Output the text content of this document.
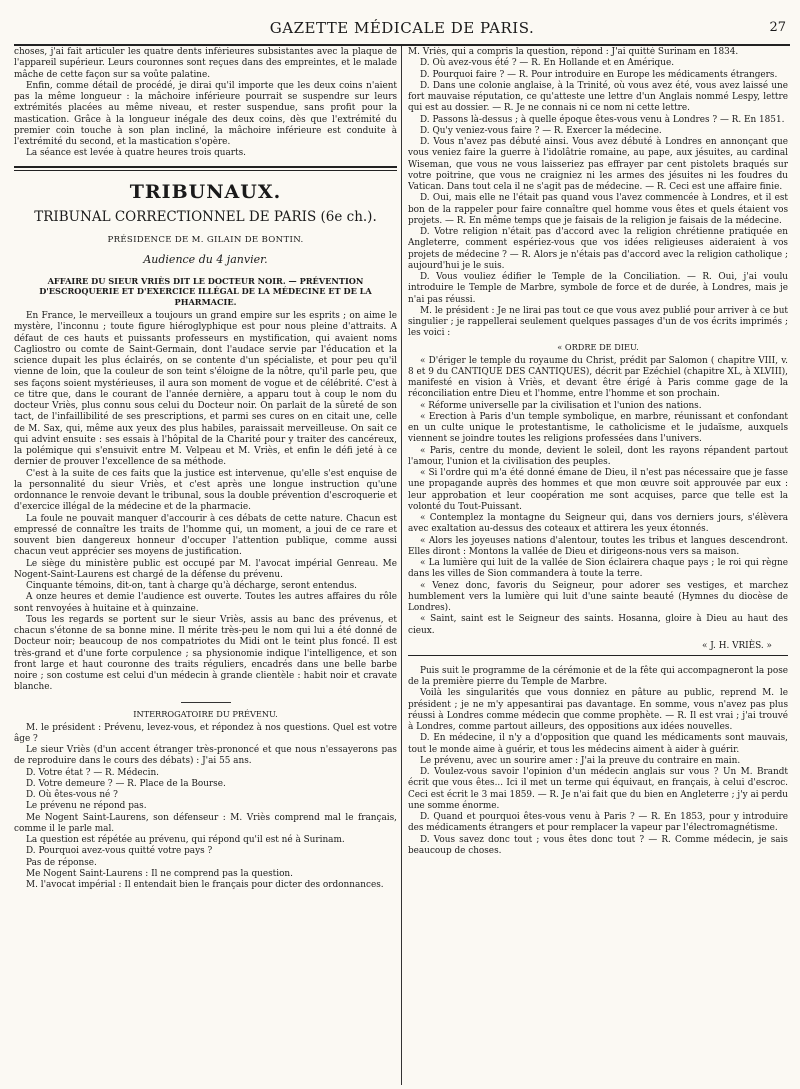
GAZETTE MÉDICALE DE PARIS.	27

choses, j'ai fait articuler les quatre dents inférieures subsistantes avec la plaque de l'appareil supérieur. Leurs couronnes sont reçues dans des empreintes, et le malade mâche de cette façon sur sa voûte palatine.

Enfin, comme détail de procédé, je dirai qu'il importe que les deux coins n'aient pas la même longueur : la mâchoire inférieure pourrait se suspendre sur leurs extrémités placées au même niveau, et rester suspendue, sans profit pour la mastication. Grâce à la longueur inégale des deux coins, dès que l'extrémité du premier coin touche à son plan incliné, la mâchoire inférieure est conduite à l'extrémité du second, et la mastication s'opère.

La séance est levée à quatre heures trois quarts.

TRIBUNAUX.
TRIBUNAL CORRECTIONNEL DE PARIS (6e ch.).
PRÉSIDENCE DE M. GILAIN DE BONTIN.
Audience du 4 janvier.
AFFAIRE DU SIEUR VRIÈS DIT LE DOCTEUR NOIR. — PRÉVENTION D'ESCROQUERIE ET D'EXERCICE ILLÉGAL DE LA MÉDECINE ET DE LA PHARMACIE.

En France, le merveilleux a toujours un grand empire sur les esprits ; on aime le mystère, l'inconnu ; toute figure hiéroglyphique est pour nous pleine d'attraits. A défaut de ces hauts et puissants professeurs en mystification, qui avaient noms Cagliostro ou comte de Saint-Germain, dont l'audace servie par l'éducation et la science dupait les plus éclairés, on se contente d'un spécialiste, et pour peu qu'il vienne de loin, que la couleur de son teint s'éloigne de la nôtre, qu'il parle peu, que ses façons soient mystérieuses, il aura son moment de vogue et de célébrité. C'est à ce titre que, dans le courant de l'année dernière, a apparu tout à coup le nom du docteur Vriès, plus connu sous celui du Docteur noir. On parlait de la sûreté de son tact, de l'infaillibilité de ses prescriptions, et parmi ses cures on en citait une, celle de M. Sax, qui, même aux yeux des plus habiles, paraissait merveilleuse. On sait ce qui advint ensuite : ses essais à l'hôpital de la Charité pour y traiter des cancéreux, la polémique qui s'ensuivit entre M. Velpeau et M. Vriès, et enfin le défi jeté à ce dernier de prouver l'excellence de sa méthode.

C'est à la suite de ces faits que la justice est intervenue, qu'elle s'est enquise de la personnalité du sieur Vriès, et c'est après une longue instruction qu'une ordonnance le renvoie devant le tribunal, sous la double prévention d'escroquerie et d'exercice illégal de la médecine et de la pharmacie.

La foule ne pouvait manquer d'accourir à ces débats de cette nature. Chacun est empressé de connaître les traits de l'homme qui, un moment, a joui de ce rare et souvent bien dangereux honneur d'occuper l'attention publique, comme aussi chacun veut apprécier ses moyens de justification.

Le siège du ministère public est occupé par M. l'avocat impérial Genreau. Me Nogent-Saint-Laurens est chargé de la défense du prévenu.

Cinquante témoins, dit-on, tant à charge qu'à décharge, seront entendus.

A onze heures et demie l'audience est ouverte. Toutes les autres affaires du rôle sont renvoyées à huitaine et à quinzaine.

Tous les regards se portent sur le sieur Vriès, assis au banc des prévenus, et chacun s'étonne de sa bonne mine. Il mérite très-peu le nom qui lui a été donné de Docteur noir; beaucoup de nos compatriotes du Midi ont le teint plus foncé. Il est très-grand et d'une forte corpulence ; sa physionomie indique l'intelligence, et son front large et haut couronne des traits réguliers, encadrés dans une belle barbe noire ; son costume est celui d'un médecin à grande clientèle : habit noir et cravate blanche.

INTERROGATOIRE DU PRÉVENU.

M. le président : Prévenu, levez-vous, et répondez à nos questions. Quel est votre âge ?

Le sieur Vriès (d'un accent étranger très-prononcé et que nous n'essayerons pas de reproduire dans le cours des débats) : J'ai 55 ans.

D. Votre état ? — R. Médecin.

D. Votre demeure ? — R. Place de la Bourse.

D. Où êtes-vous né ?

Le prévenu ne répond pas.

Me Nogent Saint-Laurens, son défenseur : M. Vriès comprend mal le français, comme il le parle mal.

La question est répétée au prévenu, qui répond qu'il est né à Surinam.

D. Pourquoi avez-vous quitté votre pays ?

Pas de réponse.

Me Nogent Saint-Laurens : Il ne comprend pas la question.

M. l'avocat impérial : Il entendait bien le français pour dicter des ordonnances.

M. Vriès, qui a compris la question, répond : J'ai quitté Surinam en 1834.

D. Où avez-vous été ? — R. En Hollande et en Amérique.

D. Pourquoi faire ? — R. Pour introduire en Europe les médicaments étrangers.

D. Dans une colonie anglaise, à la Trinité, où vous avez été, vous avez laissé une fort mauvaise réputation, ce qu'atteste une lettre d'un Anglais nommé Lespy, lettre qui est au dossier. — R. Je ne connais ni ce nom ni cette lettre.

D. Passons là-dessus ; à quelle époque êtes-vous venu à Londres ? — R. En 1851.

D. Qu'y veniez-vous faire ? — R. Exercer la médecine.

D. Vous n'avez pas débuté ainsi. Vous avez débuté à Londres en annonçant que vous veniez faire la guerre à l'idolâtrie romaine, au pape, aux jésuites, au cardinal Wiseman, que vous ne vous laisseriez pas effrayer par cent pistolets braqués sur votre poitrine, que vous ne craigniez ni les armes des jésuites ni les foudres du Vatican. Dans tout cela il ne s'agit pas de médecine. — R. Ceci est une affaire finie.

D. Oui, mais elle ne l'était pas quand vous l'avez commencée à Londres, et il est bon de la rappeler pour faire connaître quel homme vous êtes et quels étaient vos projets. — R. En même temps que je faisais de la religion je faisais de la médecine.

D. Votre religion n'était pas d'accord avec la religion chrétienne pratiquée en Angleterre, comment espériez-vous que vos idées religieuses aideraient à vos projets de médecine ? — R. Alors je n'étais pas d'accord avec la religion catholique ; aujourd'hui je le suis.

D. Vous vouliez édifier le Temple de la Conciliation. — R. Oui, j'ai voulu introduire le Temple de Marbre, symbole de force et de durée, à Londres, mais je n'ai pas réussi.

M. le président : Je ne lirai pas tout ce que vous avez publié pour arriver à ce but singulier ; je rappellerai seulement quelques passages d'un de vos écrits imprimés ; les voici :

« ORDRE DE DIEU.

« D'ériger le temple du royaume du Christ, prédit par Salomon ( chapitre VIII, v. 8 et 9 du CANTIQUE DES CANTIQUES), décrit par Ezéchiel (chapitre XL, à XLVIII), manifesté en vision à Vriès, et devant être érigé à Paris comme gage de la réconciliation entre Dieu et l'homme, entre l'homme et son prochain.

« Réforme universelle par la civilisation et l'union des nations.

« Erection à Paris d'un temple symbolique, en marbre, réunissant et confondant en un culte unique le protestantisme, le catholicisme et le judaïsme, auxquels viennent se joindre toutes les religions professées dans l'univers.

« Paris, centre du monde, devient le soleil, dont les rayons répandent partout l'amour, l'union et la civilisation des peuples.

« Si l'ordre qui m'a été donné émane de Dieu, il n'est pas nécessaire que je fasse une propagande auprès des hommes et que mon œuvre soit approuvée par eux : leur approbation et leur coopération me sont acquises, parce que telle est la volonté du Tout-Puissant.

« Contemplez la montagne du Seigneur qui, dans vos derniers jours, s'élèvera avec exaltation au-dessus des coteaux et attirera les yeux étonnés.

« Alors les joyeuses nations d'alentour, toutes les tribus et langues descendront. Elles diront : Montons la vallée de Dieu et dirigeons-nous vers sa maison.

« La lumière qui luit de la vallée de Sion éclairera chaque pays ; le roi qui règne dans les villes de Sion commandera à toute la terre.

« Venez donc, favoris du Seigneur, pour adorer ses vestiges, et marchez humblement vers la lumière qui luit d'une sainte beauté (Hymnes du diocèse de Londres).

« Saint, saint est le Seigneur des saints. Hosanna, gloire à Dieu au haut des cieux.

« J. H. VRIÈS. »

Puis suit le programme de la cérémonie et de la fête qui accompagneront la pose de la première pierre du Temple de Marbre.

Voilà les singularités que vous donniez en pâture au public, reprend M. le président ; je ne m'y appesantirai pas davantage. En somme, vous n'avez pas plus réussi à Londres comme médecin que comme prophète. — R. Il est vrai ; j'ai trouvé à Londres, comme partout ailleurs, des oppositions aux idées nouvelles.

D. En médecine, il n'y a d'opposition que quand les médicaments sont mauvais, tout le monde aime à guérir, et tous les médecins aiment à aider à guérir.

Le prévenu, avec un sourire amer : J'ai la preuve du contraire en main.

D. Voulez-vous savoir l'opinion d'un médecin anglais sur vous ? Un M. Brandt écrit que vous êtes... Ici il met un terme qui équivaut, en français, à celui d'escroc. Ceci est écrit le 3 mai 1859. — R. Je n'ai fait que du bien en Angleterre ; j'y ai perdu une somme énorme.

D. Quand et pourquoi êtes-vous venu à Paris ? — R. En 1853, pour y introduire des médicaments étrangers et pour remplacer la vapeur par l'électromagnétisme.

D. Vous savez donc tout ; vous êtes donc tout ? — R. Comme médecin, je sais beaucoup de choses.
